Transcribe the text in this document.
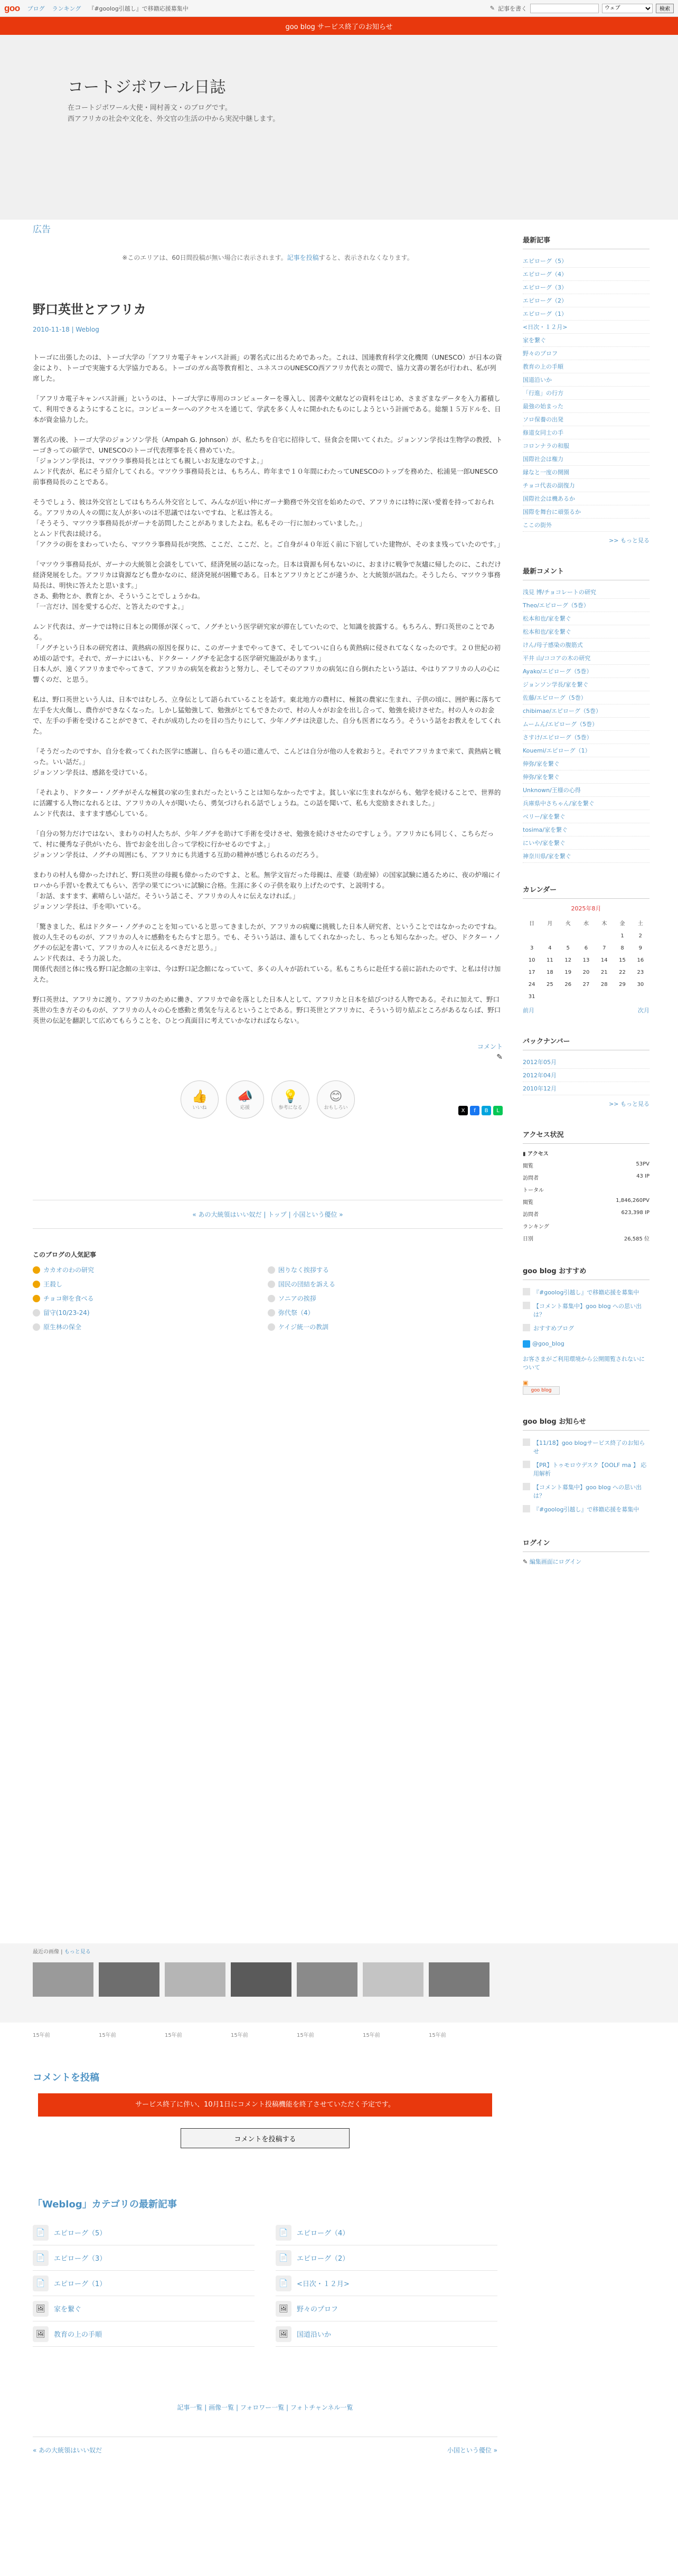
goo ブログ ランキング 『#goolog引越し』で移籍応援募集中	✎ 記事を書く
ウェブ	検索
goo blog サービス終了のお知らせ
コートジボワール日誌
在コートジボワール大使・岡村善文・のブログです。
西アフリカの社会や文化を、外交官の生活の中から実況中継します。
広告
※このエリアは、60日間投稿が無い場合に表示されます。記事を投稿すると、表示されなくなります。
野口英世とアフリカ
2010-11-18 | Weblog

トーゴに出張したのは、トーゴ大学の「アフリカ電子キャンパス計画」の署名式に出るためであった。これは、国連教育科学文化機関（UNESCO）が日本の資金により、トーゴで実施する大学協力である。トーゴのガル高等教育相と、ユネスコのUNESCO西アフリカ代表との間で、協力文書の署名が行われ、私が列席した。

「アフリカ電子キャンパス計画」というのは、トーゴ大学に専用のコンピューターを導入し、図書や文献などの資料をはじめ、さまざまなデータを入力蓄積して、利用できるようにすることに。コンピューターへのアクセスを通じて、学武を多く人々に開かれたものにしようという計画である。総額１５万ドルを、日本が資金協力した。

署名式の後、トーゴ大学のジョンソン学長（Ampah G. Johnson）が、私たちを自宅に招待して、昼食会を開いてくれた。ジョンソン学長は生物学の教授、トーゴきっての碩学で、UNESCOのトーゴ代表理事を長く務めていた。
「ジョンソン学長は、マツウラ事務局長とはとても親しいお友達なのですよ。」
ムンド代表が、私にそう紹介してくれる。マツウラ事務局長とは、もちろん、昨年まで１０年間にわたってUNESCOのトップを務めた、松浦晃一郎UNESCO前事務局長のことである。

そうでしょう、彼は外交官としてはもちろん外交官として、みんなが近い仲にガーナ勤務で外交官を始めたので、アフリカには特に深い愛着を持っておられる。アフリカの人々の間に友人が多いのは不思議ではないですね、と私は答える。
「そうそう、マツウラ事務局長がガーナを訪問したことがありましたよね。私もその一行に加わっていました。」
とムンド代表は続ける。
「アクラの街をまわっていたら、マツウラ事務局長が突然、ここだ、ここだ、と。ご自身が４０年近く前に下宿していた建物が、そのまま残っていたのです。」

「マツウラ事務局長が、ガーナの大統領と会談をしていて、経済発展の話になった。日本は資源も何もないのに、おまけに戦争で灰燼に帰したのに、これだけ経済発展をした。アフリカは資源なども豊かなのに、経済発展が困難である。日本とアフリカとどこが違うか、と大統領が訊ねた。そうしたら、マツウラ事務局長は、明快に答えたと思います。」
さあ、動物とか、教育とか、そういうことでしょうかね。
「一言だけ、国を愛する心だ、と答えたのですよ。」

ムンド代表は、ガーナでは特に日本との関係が深くって、ノグチという医学研究家が滞在していたので、と知識を披露する。もちろん、野口英世のことである。
「ノグチという日本の研究者は、黄熱病の原因を探りに、このガーナまでやってきて、そしてついに自らも黄熱病に侵されてなくなったのです。２０世紀の初め頃の話です。それで、ガーナにはいも、ドクター・ノグチを記念する医学研究施設があります。」
日本人が、遠くアフリカまでやってきて、アフリカの病気を救おうと努力し、そしてそのアフリカの病気に自ら倒れたという話は、やはりアフリカの人の心に響くのだ、と思う。

私は、野口英世という人は、日本ではむしろ、立身伝として語られていることを話す。東北地方の農村に、極貧の農家に生まれ、子供の頃に、囲炉裏に落ちて左手を大火傷し、農作ができなくなった。しかし猛勉強して、勉強がとてもできたので、村の人々がお金を出し合って、勉強を続けさせた。村の人々のお金で、左手の手術を受けることができて、それが成功したのを目の当たりにして、少年ノグチは決意した、自分も医者になろう。そういう話をお教えをしてくれた。

「そうだったのですか、自分を救ってくれた医学に感謝し、自らもその道に進んで、こんどは自分が他の人を救おうと。それでアフリカまで来て、黄熱病と戦った。いい話だ。」
ジョンソン学長は、感銘を受けている。

「それより、ドクター・ノグチがそんな極貧の家の生まれだったということは知らなかったですよ。貧しい家に生まれながらも、勉学を続けることで、世界的に活躍する人物になれるとは、アフリカの人々が聞いたら、勇気づけられる話でしょうね。この話を聞いて、私も大変励まされました。」
ムンド代表は、ますます感心している。

「自分の努力だけではない、まわりの村人たちが、少年ノグチを助けて手術を受けさせ、勉強を続けさせたのですしょう。アフリカにも同じく、こちらだって、村に優秀な子供がいたら、皆でお金を出し合って学校に行かせるのですよ。」
ジョンソン学長は、ノグチの周囲にも、アフリカにも共通する互助の精神が感じられるのだろう。

まわりの村人も偉かったけれど、野口英世の母親も偉かったのですよ、と私。無学文盲だった母親は、産婆（助産婦）の国家試験に通るために、夜の炉端にイロハから手習いを教えてもらい、苦学の果てについに試験に合格。生涯に多くの子供を取り上げたのです、と説明する。
「お話、ますます、素晴らしい話だ。そういう話こそ、アフリカの人々に伝えなければ。」
ジョンソン学長は、手を叩いている。

「驚きました、私はドクター・ノグチのことを知っていると思ってきましたが、アフリカの病魔に挑戦した日本人研究者、ということではなかったのですね。彼の人生そのものが、アフリカの人々に感動をもたらすと思う。でも、そういう話は、誰もしてくれなかったし、ちっとも知らなかった。ぜひ、ドクター・ノグチの伝記を書いて、アフリカの人々に伝えるべきだと思う。」
ムンド代表は、そう力説した。
関係代表団と体に残る野口記念館の主宰は、今は野口記念館になっていて、多くの人々が訪れている。私もこちらに赴任する前に訪れたのです、と私は付け加えた。

野口英世は、アフリカに渡り、アフリカのために働き、アフリカで命を落とした日本人として、アフリカと日本を結びつける人物である。それに加えて、野口英世の生き方そのものが、アフリカの人々の心を感動と勇気を与えるということである。野口英世とアフリカに、そういう切り結ぶところがあるならば、野口英世の伝記を翻訳して広めてもらうことを、ひとつ真面目に考えていかなければならない。

コメント
✎
👍
いいね
📣
応援
💡
参考になる
😊
おもしろい	X	f	B	L
« あの大統領はいい奴だ | トップ | 小国という優位 »
このブログの人気記事
カカオのわの研究	困りなく挨拶する
王殺し	国民の団結を訴える
チョコ卵を食べる	ソニアの挨拶
留守(10/23-24)	弥代祭（4）
原生林の保全	ケイジ統一の教訓
最近の画像 | もっと見る
15年前	15年前	15年前	15年前	15年前	15年前	15年前
コメントを投稿
サービス終了に伴い、10月1日にコメント投稿機能を終了させていただく予定です。
コメントを投稿する
「Weblog」カテゴリの最新記事
📄	エピローグ（5）	📄	エピローグ（4）
📄	エピローグ（3）	📄	エピローグ（2）
📄	エピローグ（1）	📄	<日次・１２月>
🖼	家を繋ぐ	🖼	野々のプロフ
🖼	教育の上の手順	🖼	国道沿いか
記事一覧 | 画像一覧 | フォロワー一覧 | フォトチャンネル一覧
« あの大統領はいい奴だ	小国という優位 »
最新記事
エピローグ（5）
エピローグ（4）
エピローグ（3）
エピローグ（2）
エピローグ（1）
<日次・１２月>
家を繋ぐ
野々のプロフ
教育の上の手順
国道沿いか
「行進」の行方
最強の始まった
ソロ保養の出発
修道女同士の手
コロンナラの和服
国際社会は権力
縁なと一度の開園
チョコ代表の副復力
国際社会は機あるか
国際を舞台に頑張るか
ここの街外
>> もっと見る
最新コメント
浅見 博/チョコレートの研究
Theo/エピローグ（5巻）
松本和也/家を繋ぐ
松本和也/家を繋ぐ
けん/母子感染の腹筋式
平井 山/ココアの木の研究
Ayako/エピローグ（5巻）
ジョンソン学長/家を繋ぐ
佐藤/エピローグ（5巻）
chibimae/エピローグ（5巻）
ムームん/エピローグ（5巻）
さすけ/エピローグ（5巻）
Kouemi/エピローグ（1）
伸弥/家を繋ぐ
伸弥/家を繋ぐ
Unknown/王様の心得
兵庫県中さちゃん/家を繋ぐ
ベリー/家を繋ぐ
tosima/家を繋ぐ
にいや/家を繋ぐ
神奈川県/家を繋ぐ
カレンダー
2025年8月
日	月	火	水	木	金	土
					1	2
3	4	5	6	7	8	9
10	11	12	13	14	15	16
17	18	19	20	21	22	23
24	25	26	27	28	29	30
31						
前月	次月
バックナンバー
2012年05月
2012年04月
2010年12月
>> もっと見る
アクセス状況
▮ アクセス
閲覧	53PV
訪問者	43 IP
トータル
閲覧	1,846,260PV
訪問者	623,398 IP
ランキング
日別	26,585 位
goo blog おすすめ
『#goolog引越し』で移籍応援を募集中
【コメント募集中】goo blog への思い出は？
おすすめブログ
@goo_blog
お客さまがご利用環境から公開閲覧されないについて
▣
goo blog
goo blog お知らせ
【11/18】goo blogサービス終了のお知らせ
【PR】トゥモロウデスク【OOLF ma 】 応用解析
【コメント募集中】goo blog への思い出は？
『#goolog引越し』で移籍応援を募集中
ログイン
✎ 編集画面にログイン
